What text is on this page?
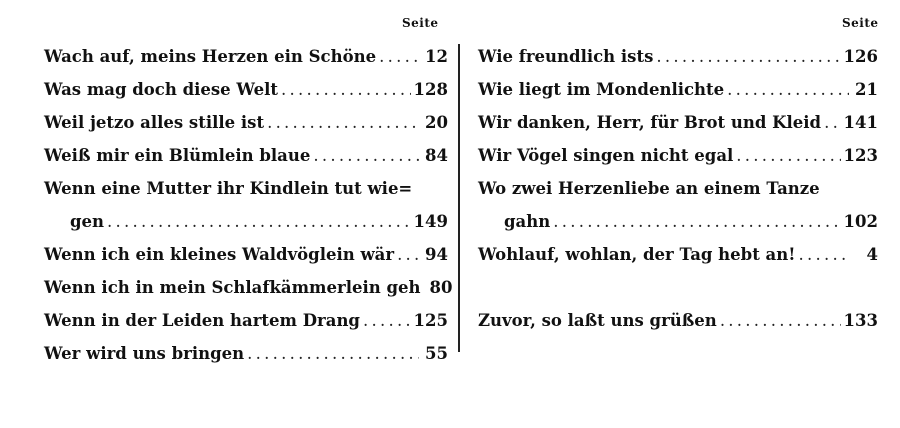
Seite	Seite
Wach auf, meins Herzen ein Schöne . . .	12
Was mag doch diese Welt . . .	128
Weil jetzo alles stille ist . . .	20
Weiß mir ein Blümlein blaue . . .	84
Wenn eine Mutter ihr Kindlein tut wie=
gen . . .	149
Wenn ich ein kleines Waldvöglein wär . . . 94
Wenn ich in mein Schlafkämmerlein geh 80
Wenn in der Leiden hartem Drang . . .	125
Wer wird uns bringen . . .	55
Wie freundlich ists . . .	126
Wie liegt im Mondenlichte . . .	21
Wir danken, Herr, für Brot und Kleid . . . 141
Wir Vögel singen nicht egal . . .	123
Wo zwei Herzenliebe an einem Tanze
gahn . . .	102
Wohlauf, wohlan, der Tag hebt an! . . .	4
Zuvor, so laßt uns grüßen . . .	133
